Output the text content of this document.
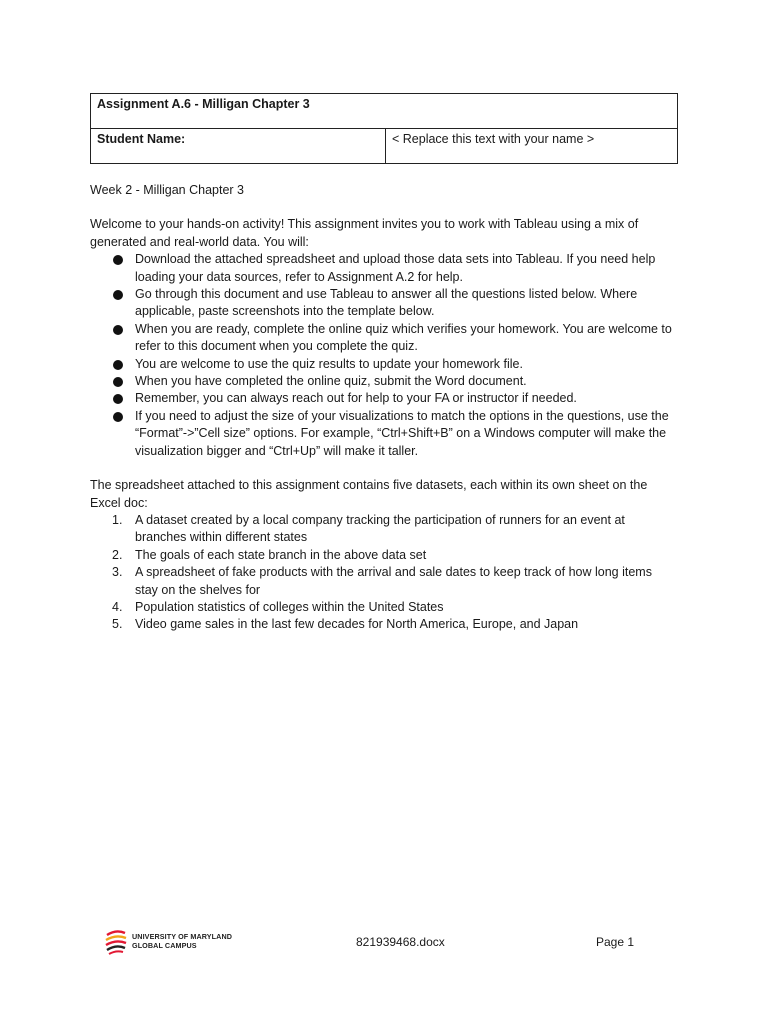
Assignment A.6 - Milligan Chapter 3
Student Name:	< Replace this text with your name >

Week 2 - Milligan Chapter 3

Welcome to your hands-on activity! This assignment invites you to work with Tableau using a mix of generated and real-world data. You will:

Download the attached spreadsheet and upload those data sets into Tableau. If you need help loading your data sources, refer to Assignment A.2 for help.
Go through this document and use Tableau to answer all the questions listed below. Where applicable, paste screenshots into the template below.
When you are ready, complete the online quiz which verifies your homework. You are welcome to refer to this document when you complete the quiz.
You are welcome to use the quiz results to update your homework file.
When you have completed the online quiz, submit the Word document.
Remember, you can always reach out for help to your FA or instructor if needed.
If you need to adjust the size of your visualizations to match the options in the questions, use the “Format”->”Cell size” options. For example, “Ctrl+Shift+B” on a Windows computer will make the visualization bigger and “Ctrl+Up” will make it taller.

The spreadsheet attached to this assignment contains five datasets, each within its own sheet on the Excel doc:

1. A dataset created by a local company tracking the participation of runners for an event at branches within different states
2. The goals of each state branch in the above data set
3. A spreadsheet of fake products with the arrival and sale dates to keep track of how long items stay on the shelves for
4. Population statistics of colleges within the United States
5. Video game sales in the last few decades for North America, Europe, and Japan
UNIVERSITY OF MARYLAND
GLOBAL CAMPUS	821939468.docx	Page 1
